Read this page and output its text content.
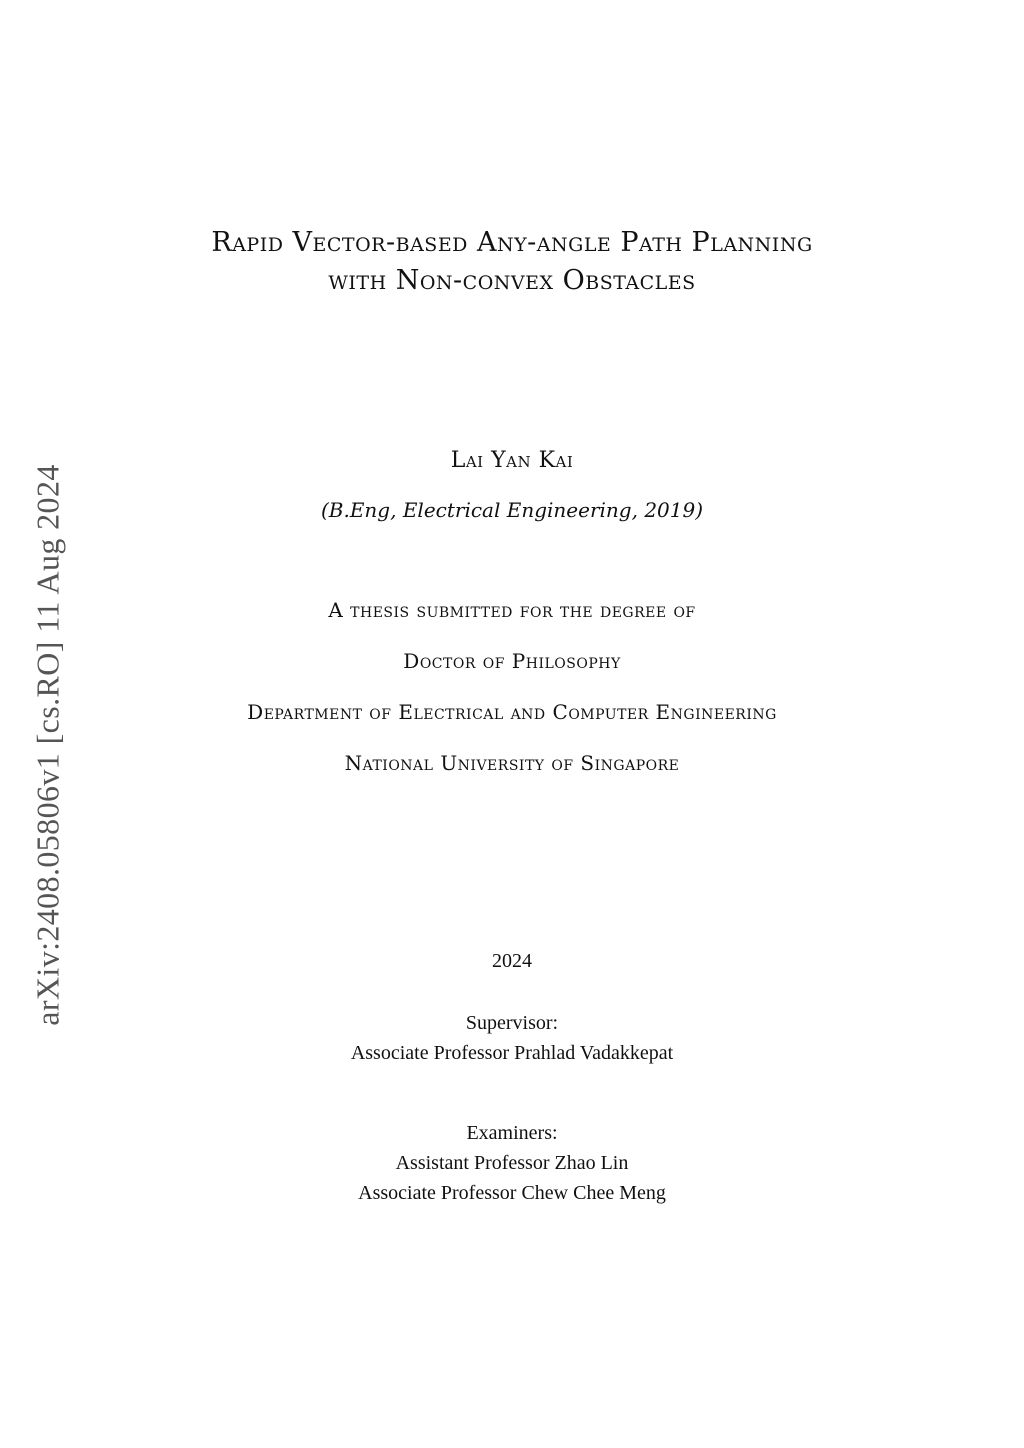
arXiv:2408.05806v1 [cs.RO] 11 Aug 2024
Rapid Vector-based Any-angle Path Planning
with Non-convex Obstacles

Lai Yan Kai

(B.Eng, Electrical Engineering, 2019)

A thesis submitted for the degree of

Doctor of Philosophy

Department of Electrical and Computer Engineering

National University of Singapore

2024

Supervisor:

Associate Professor Prahlad Vadakkepat

Examiners:

Assistant Professor Zhao Lin

Associate Professor Chew Chee Meng
